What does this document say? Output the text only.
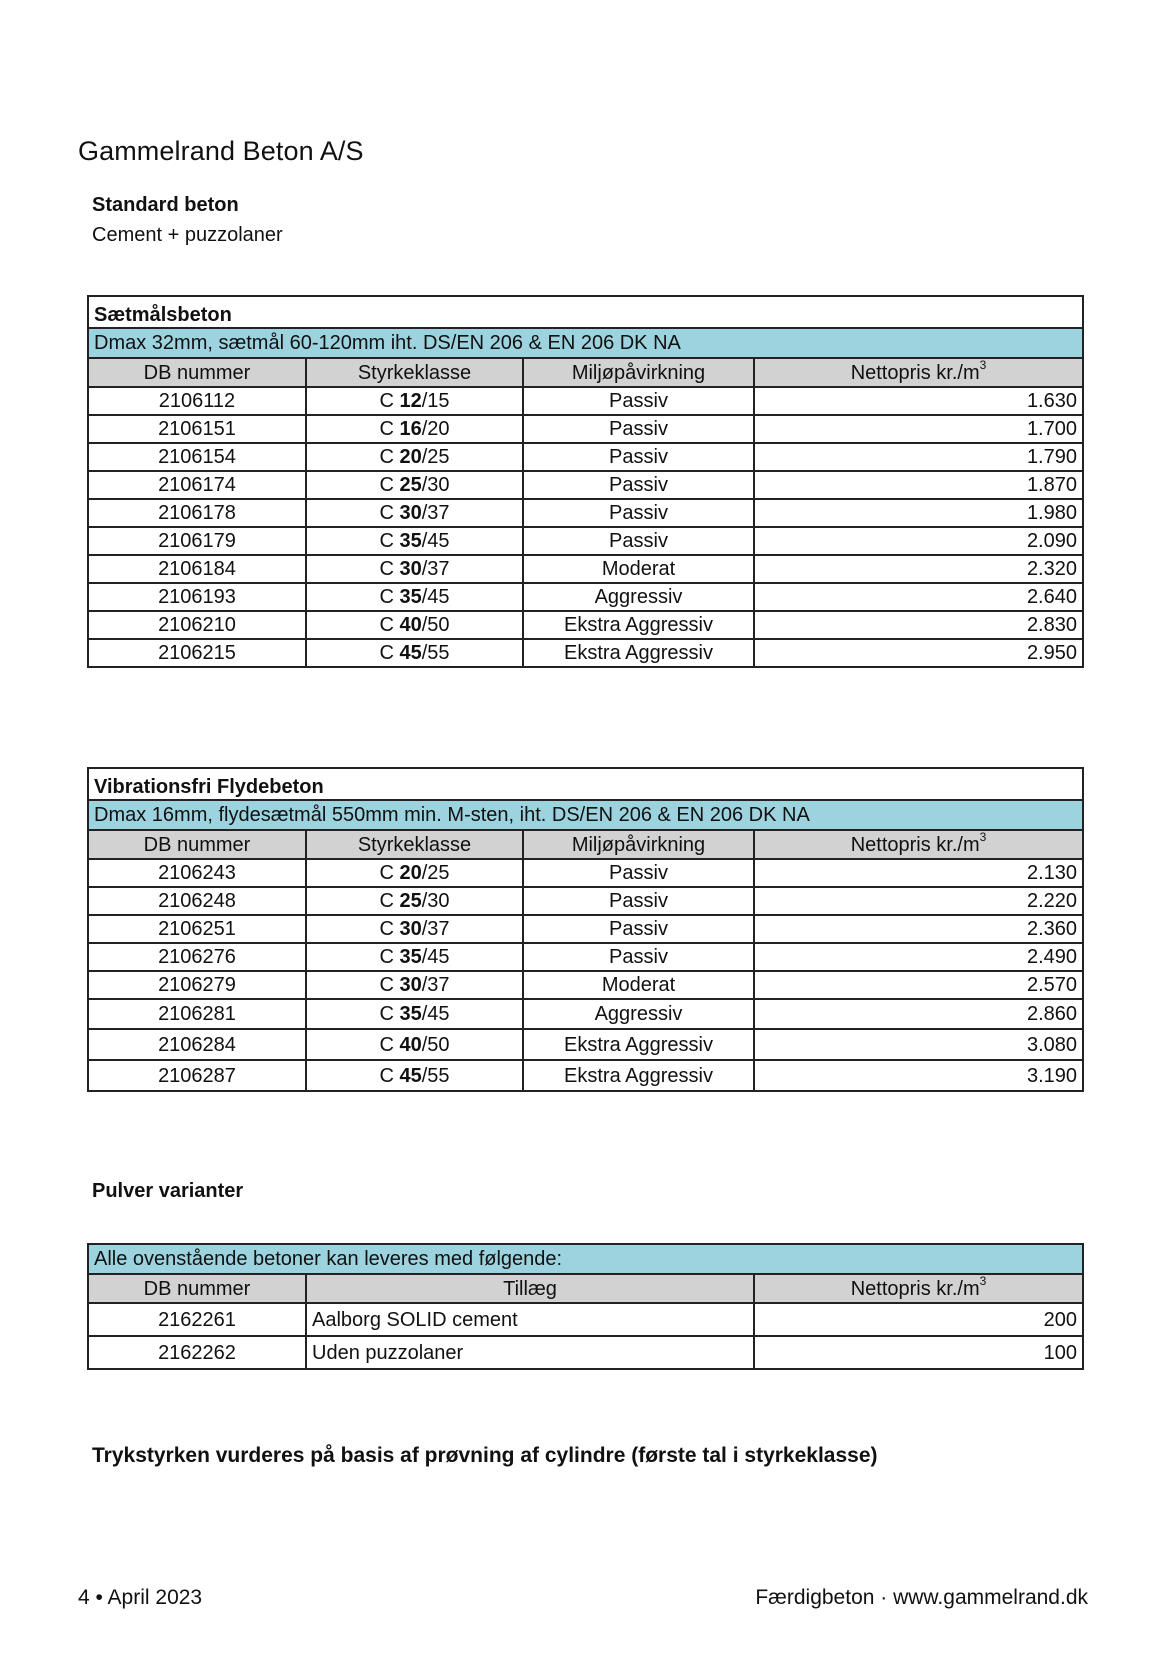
Gammelrand Beton A/S
Standard beton
Cement + puzzolaner
Sætmålsbeton			
Dmax 32mm, sætmål 60-120mm iht. DS/EN 206 & EN 206 DK NA			
DB nummer	Styrkeklasse	Miljøpåvirkning	Nettopris $kr./m^3$
2106112	C 12/15	Passiv	1.630
2106151	C 16/20	Passiv	1.700
2106154	C 20/25	Passiv	1.790
2106174	C 25/30	Passiv	1.870
2106178	C 30/37	Passiv	1.980
2106179	C 35/45	Passiv	2.090
2106184	C 30/37	Moderat	2.320
2106193	C 35/45	Aggressiv	2.640
2106210	C 40/50	Ekstra Aggressiv	2.830
2106215	C 45/55	Ekstra Aggressiv	2.950
Vibrationsfri Flydebeton			
Dmax 16mm, flydesætmål 550mm min. M-sten, iht. DS/EN 206 & EN 206 DK NA			
DB nummer	Styrkeklasse	Miljøpåvirkning	Nettopris $kr./m^3$
2106243	C 20/25	Passiv	2.130
2106248	C 25/30	Passiv	2.220
2106251	C 30/37	Passiv	2.360
2106276	C 35/45	Passiv	2.490
2106279	C 30/37	Moderat	2.570
2106281	C 35/45	Aggressiv	2.860
2106284	C 40/50	Ekstra Aggressiv	3.080
2106287	C 45/55	Ekstra Aggressiv	3.190
Pulver varianter
Alle ovenstående betoner kan leveres med følgende:		
DB nummer	Tillæg	Nettopris $kr./m^3$
2162261	Aalborg SOLID cement	200
2162262	Uden puzzolaner	100
Trykstyrken vurderes på basis af prøvning af cylindre (første tal i styrkeklasse)
4 • April 2023	Færdigbeton · www.gammelrand.dk
